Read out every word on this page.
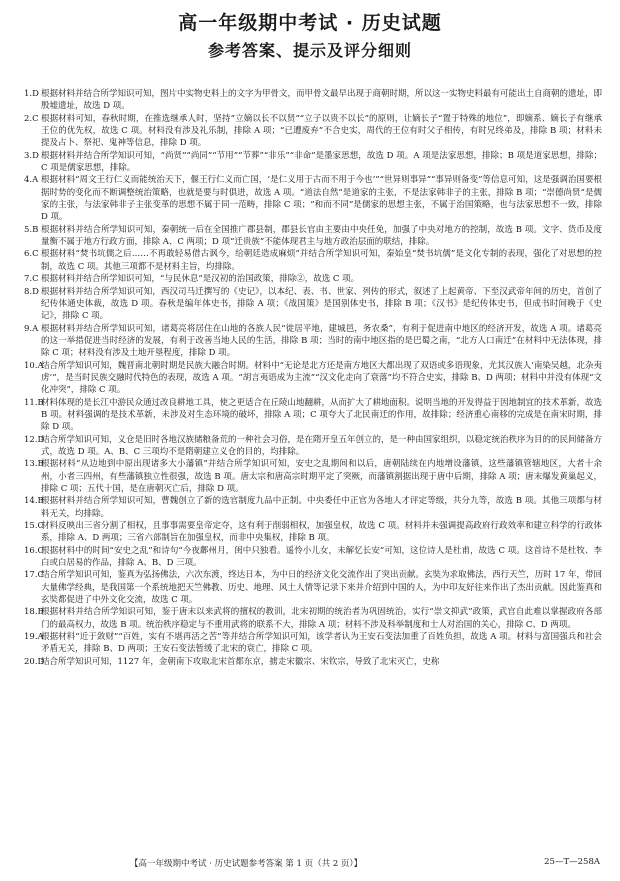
高一年级期中考试 · 历史试题
参考答案、提示及评分细则
1.D 根据材料并结合所学知识可知，图片中实物史料上的文字为甲骨文，而甲骨文最早出现于商朝时期，所以这一实物史料最有可能出土自商朝的遗址，即殷墟遗址，故选 D 项。
2.C 根据材料可知，春秋时期，在推选继承人时，坚持“立嫡以长不以贤”“立子以贵不以长”的原则，让嫡长子“置于特殊的地位”，即嫡系、嫡长子有继承王位的优先权，故选 C 项。材料没有涉及礼乐制，排除 A 项；“已遭废弃”不合史实，周代的王位有时父子相传，有时兄终弟及，排除 B 项；材料未提及占卜、祭祀、鬼神等信息，排除 D 项。
3.D 根据材料并结合所学知识可知，“尚贤”“尚同”“节用”“节葬”“非乐”“非命”是墨家思想，故选 D 项。A 项是法家思想，排除；B 项是道家思想，排除；C 项是儒家思想，排除。
4.A 根据材料“周文王行仁义而能统治天下，偃王行仁义而亡国，‘是仁义用于古而不用于今也’”“世异则事异”“事异则备变”等信息可知，这是强调治国要根据时势的变化而不断调整统治策略，也就是要与时俱进，故选 A 项。“道法自然”是道家的主张，不是法家韩非子的主张，排除 B 项；“崇德尚贤”是儒家的主张，与法家韩非子主张变革的思想不属于同一范畴，排除 C 项；“和而不同”是儒家的思想主张，不属于治国策略，也与法家思想不一致，排除 D 项。
5.B 根据材料并结合所学知识可知，秦朝统一后在全国推广郡县制，郡县长官由主要由中央任免，加强了中央对地方的控制，故选 B 项。文字、货币及度量衡不属于地方行政方面，排除 A、C 两项；D 项“迁贵族”不能体现君主与地方政治层面的联结，排除。
6.C 根据材料“焚书坑儒之后……不再敢轻易借古讽今，给朝廷造成麻烦”并结合所学知识可知，秦始皇“焚书坑儒”是文化专制的表现，强化了对思想的控制，故选 C 项。其他三项都不是材料主旨，均排除。
7.C 根据材料并结合所学知识可知，“与民休息”是汉初的治国政策，排除②，故选 C 项。
8.D 根据材料并结合所学知识可知，西汉司马迁撰写的《史记》，以本纪、表、书、世家、列传的形式，叙述了上起黄帝、下至汉武帝年间的历史，首创了纪传体通史体裁，故选 D 项。春秋是编年体史书，排除 A 项；《战国策》是国别体史书，排除 B 项；《汉书》是纪传体史书，但成书时间晚于《史记》，排除 C 项。
9.A 根据材料并结合所学知识可知，诸葛亮将居住在山地的各族人民“徙居平地，建城邑，务农桑”，有利于促进南中地区的经济开发，故选 A 项。诸葛亮的这一举措促进当时经济的发展，有利于改善当地人民的生活，排除 B 项；当时的南中地区指的是巴蜀之南，“北方人口南迁”在材料中无法体现，排除 C 项；材料没有涉及土地开垦程度，排除 D 项。
10.A
结合所学知识可知，魏晋南北朝时期是民族大融合时期。材料中“无论是北方还是南方地区大都出现了双语或多语现象，尤其汉族人‘南染吴越，北杂夷虏’”，是当时民族交融时代特色的表现，故选 A 项。“胡言夷语成为主流”“汉文化走向了衰落”均不符合史实，排除 B、D 两项；材料中并没有体现“文化冲突”，排除 C 项。
11.B
材料体现的是长江中游民众通过改良耕地工具，使之更适合在丘陵山地翻耕，从而扩大了耕地面积。说明当地的开发得益于因地制宜的技术革新，故选 B 项。材料强调的是技术革新，未涉及对生态环境的破坏，排除 A 项；C 项夸大了北民南迁的作用，故排除；经济重心南移的完成是在南宋时期，排除 D 项。
12.D
结合所学知识可知，义仓是旧时各地汉族储粮备荒的一种社会习俗，是在隋开皇五年创立的，是一种由国家组织，以稳定统治秩序为目的的民间储备方式，故选 D 项。A、B、C 三项均不是隋朝建立义仓的目的，均排除。
13.B
根据材料“从边地到中原出现诸多大小藩镇”并结合所学知识可知，安史之乱期间和以后，唐朝陆续在内地增设藩镇，这些藩镇管辖地区，大者十余州，小者三四州，有些藩镇独立性很强，故选 B 项。唐太宗和唐高宗时期平定了突厥，而藩镇割据出现于唐中后期，排除 A 项；唐末爆发黄巢起义，排除 C 项；五代十国，是在唐朝灭亡后，排除 D 项。
14.B
根据材料并结合所学知识可知，曹魏创立了新的选官制度九品中正制。中央委任中正官为各地人才评定等级，共分九等，故选 B 项。其他三项都与材料无关，均排除。
15.C
材料反映出三省分割了相权，且事事需要皇帝定夺，这有利于削弱相权，加强皇权，故选 C 项。材料并未强调提高政府行政效率和建立科学的行政体系，排除 A、D 两项；三省六部制旨在加强皇权，而非中央集权，排除 B 项。
16.C
根据材料中的时间“安史之乱”和诗句“今夜鄜州月，闺中只独看。遥怜小儿女，未解忆长安”可知，这位诗人是杜甫，故选 C 项。这首诗不是杜牧、李白或白居易的作品，排除 A、B、D 三项。
17.C
结合所学知识可知，鉴真为弘扬佛法，六次东渡，终达日本，为中日的经济文化交流作出了突出贡献。玄奘为求取佛法，西行天竺，历时 17 年，带回大量佛学经典，是我国第一个系统地把天竺佛教、历史、地理、风土人情等记录下来并介绍到中国的人，为中印友好往来作出了杰出贡献。因此鉴真和玄奘都促进了中外文化交流，故选 C 项。
18.B
根据材料并结合所学知识可知，鉴于唐末以来武将的擅权的教训，北宋初期的统治者为巩固统治，实行“崇文抑武”政策，武官自此难以掌握政府各部门的最高权力，故选 B 项。统治秩序稳定与不重用武将的联系不大，排除 A 项；材料不涉及科举制度和士人对治国的关心，排除 C、D 两项。
19.A
根据材料“近于敛财”“百姓，实有不堪再活之苦”等并结合所学知识可知，该学者认为王安石变法加重了百姓负担，故选 A 项。材料与富国强兵和社会矛盾无关，排除 B、D 两项；王安石变法暂缓了北宋的衰亡，排除 C 项。
20.D
结合所学知识可知，1127 年，金朝南下攻取北宋首都东京，掳走宋徽宗、宋钦宗，导致了北宋灭亡，史称
【高一年级期中考试 · 历史试题参考答案 第 1 页（共 2 页）】	25—T—258A
